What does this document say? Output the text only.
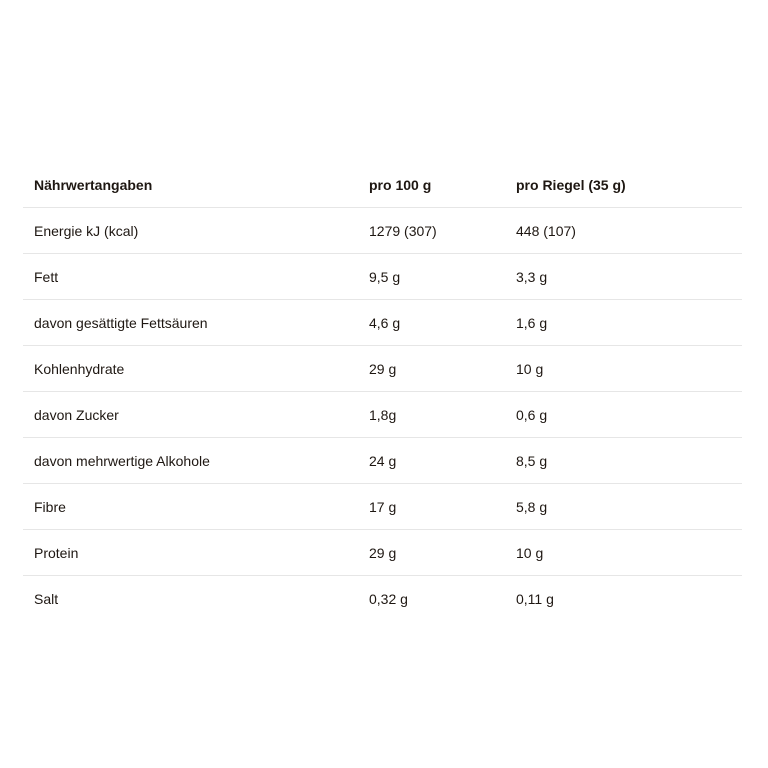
Nährwertangaben	pro 100 g	pro Riegel (35 g)
Energie kJ (kcal)	1279 (307)	448 (107)
Fett	9,5 g	3,3 g
davon gesättigte Fettsäuren	4,6 g	1,6 g
Kohlenhydrate	29 g	10 g
davon Zucker	1,8g	0,6 g
davon mehrwertige Alkohole	24 g	8,5 g
Fibre	17 g	5,8 g
Protein	29 g	10 g
Salt	0,32 g	0,11 g
